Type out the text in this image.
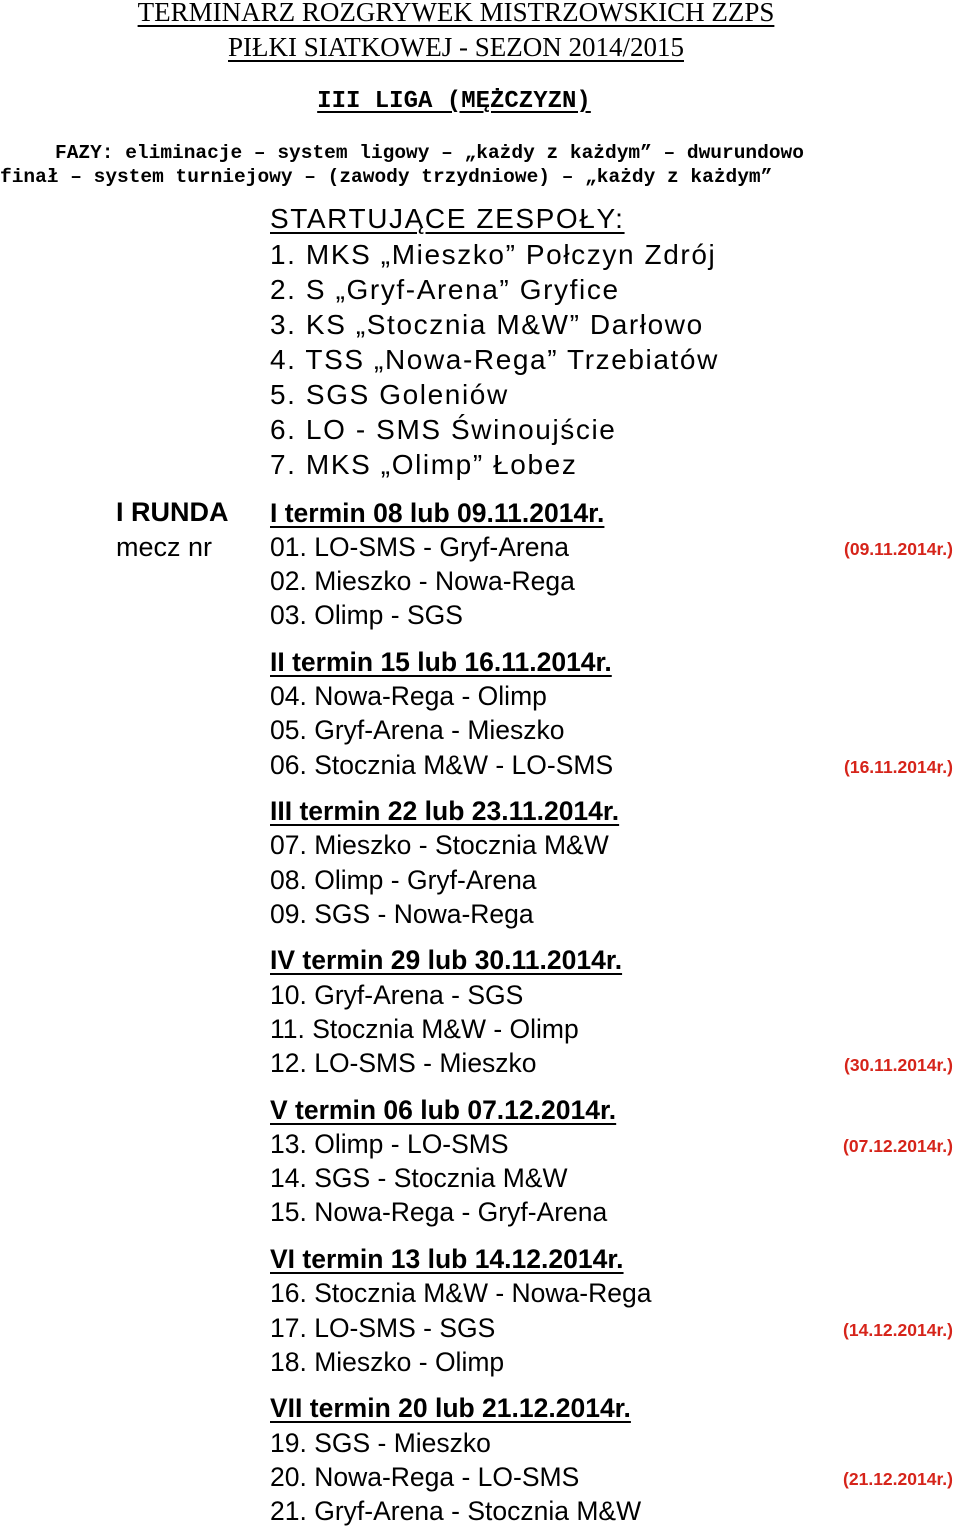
TERMINARZ ROZGRYWEK MISTRZOWSKICH ZZPS
PIŁKI SIATKOWEJ - SEZON 2014/2015
III LIGA (MĘŻCZYZN)
FAZY: eliminacje – system ligowy – „każdy z każdym” – dwurundowo
finał – system turniejowy – (zawody trzydniowe) – „każdy z każdym”
STARTUJĄCE ZESPOŁY:
1. MKS „Mieszko” Połczyn Zdrój
2. S „Gryf-Arena” Gryfice
3. KS „Stocznia M&W” Darłowo
4. TSS „Nowa-Rega” Trzebiatów
5. SGS Goleniów
6. LO - SMS Świnoujście
7. MKS „Olimp” Łobez
I RUNDA
mecz nr
I termin 08 lub 09.11.2014r.
01. LO-SMS - Gryf-Arena	(09.11.2014r.)
02. Mieszko - Nowa-Rega
03. Olimp - SGS
II termin 15 lub 16.11.2014r.
04. Nowa-Rega - Olimp
05. Gryf-Arena - Mieszko
06. Stocznia M&W - LO-SMS	(16.11.2014r.)
III termin 22 lub 23.11.2014r.
07. Mieszko - Stocznia M&W
08. Olimp - Gryf-Arena
09. SGS - Nowa-Rega
IV termin 29 lub 30.11.2014r.
10. Gryf-Arena - SGS
11. Stocznia M&W - Olimp
12. LO-SMS - Mieszko	(30.11.2014r.)
V termin 06 lub 07.12.2014r.
13. Olimp - LO-SMS	(07.12.2014r.)
14. SGS - Stocznia M&W
15. Nowa-Rega - Gryf-Arena
VI termin 13 lub 14.12.2014r.
16. Stocznia M&W - Nowa-Rega
17. LO-SMS - SGS	(14.12.2014r.)
18. Mieszko - Olimp
VII termin 20 lub 21.12.2014r.
19. SGS - Mieszko
20. Nowa-Rega - LO-SMS	(21.12.2014r.)
21. Gryf-Arena - Stocznia M&W
